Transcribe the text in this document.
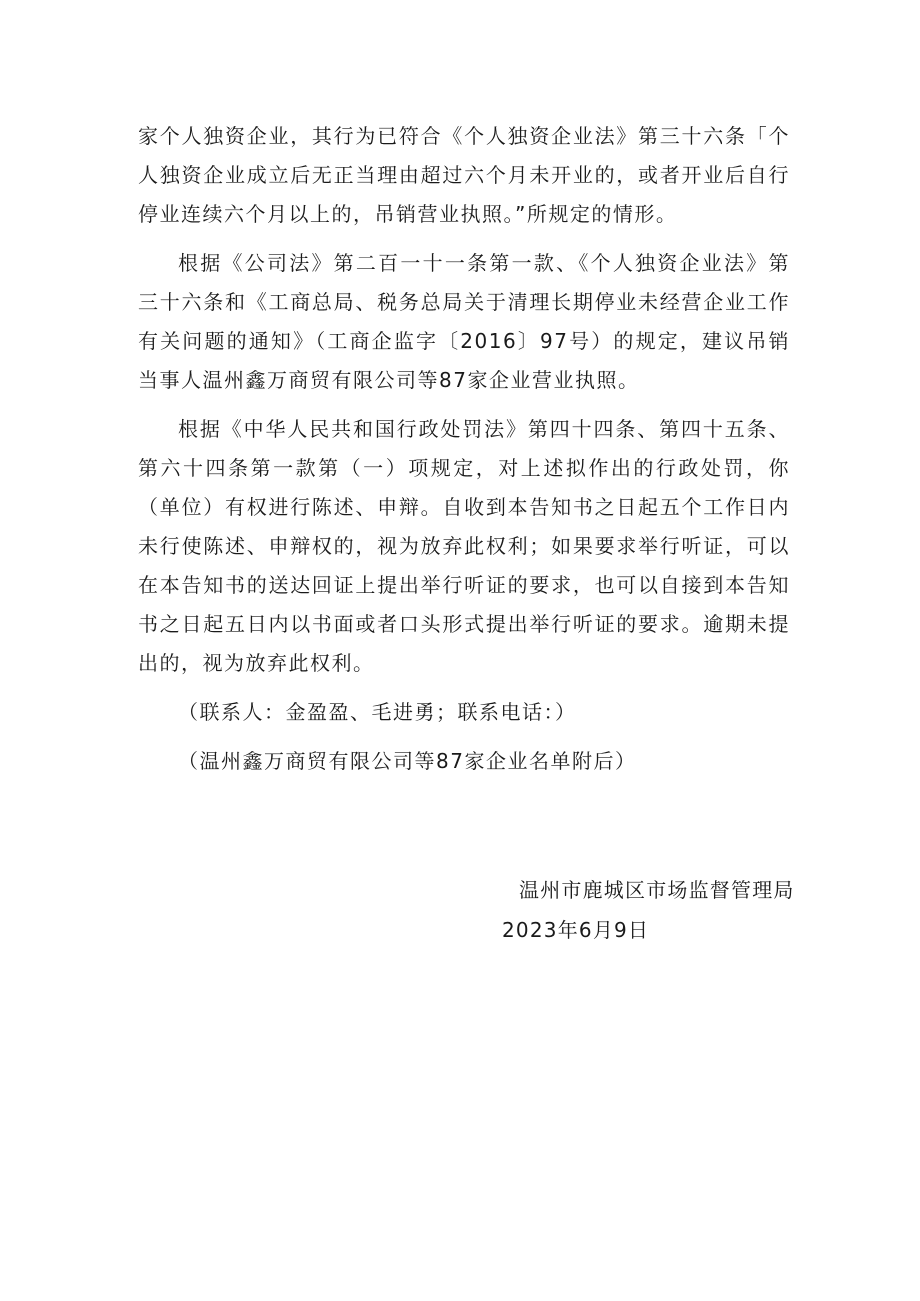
家个人独资企业，其行为已符合《个人独资企业法》第三十六条「个人独资企业成立后无正当理由超过六个月未开业的，或者开业后自行停业连续六个月以上的，吊销营业执照。”所规定的情形。

根据《公司法》第二百一十一条第一款、《个人独资企业法》第三十六条和《工商总局、税务总局关于清理长期停业未经营企业工作有关问题的通知》（工商企监字〔2016〕97号）的规定，建议吊销当事人温州鑫万商贸有限公司等87家企业营业执照。

根据《中华人民共和国行政处罚法》第四十四条、第四十五条、第六十四条第一款第（一）项规定，对上述拟作出的行政处罚，你（单位）有权进行陈述、申辩。自收到本告知书之日起五个工作日内未行使陈述、申辩权的，视为放弃此权利；如果要求举行听证，可以在本告知书的送达回证上提出举行听证的要求，也可以自接到本告知书之日起五日内以书面或者口头形式提出举行听证的要求。逾期未提出的，视为放弃此权利。

（联系人：金盈盈、毛进勇；联系电话：）

（温州鑫万商贸有限公司等87家企业名单附后）

温州市鹿城区市场监督管理局
2023年6月9日
